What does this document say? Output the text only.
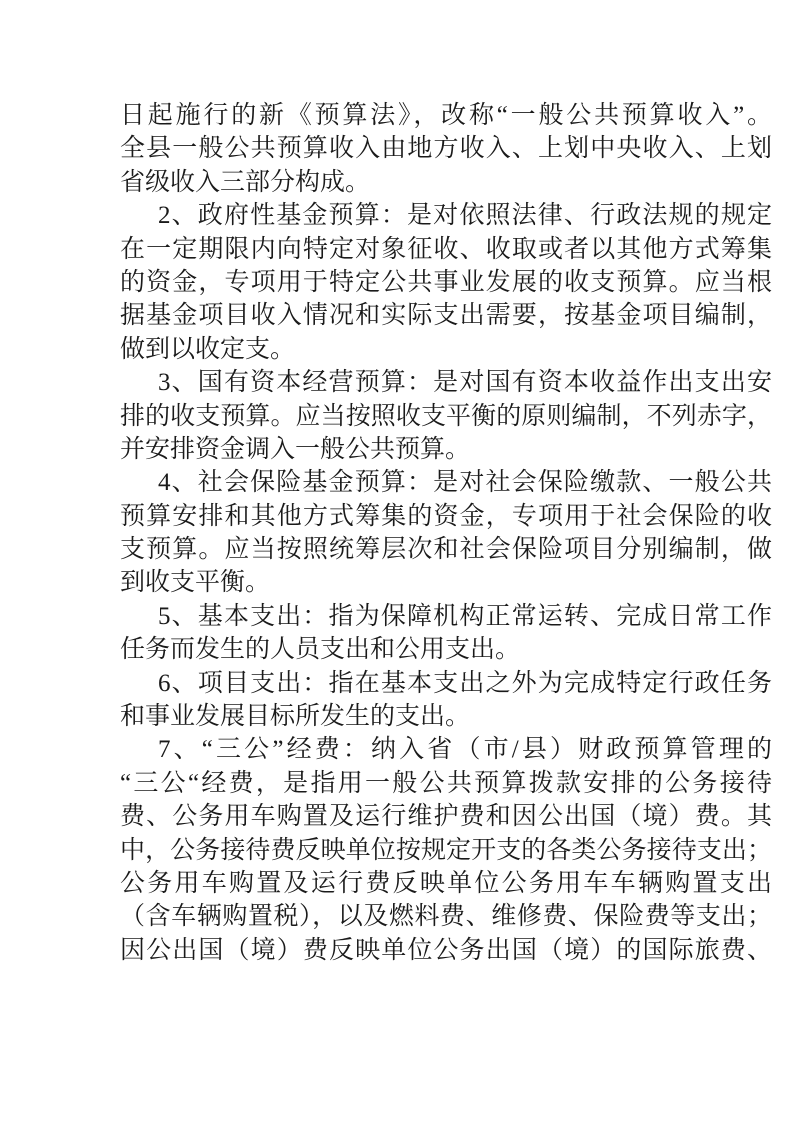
日起施行的新《预算法》，改称“一般公共预算收入”。
全县一般公共预算收入由地方收入、上划中央收入、上划
省级收入三部分构成。
2、政府性基金预算：是对依照法律、行政法规的规定
在一定期限内向特定对象征收、收取或者以其他方式筹集
的资金，专项用于特定公共事业发展的收支预算。应当根
据基金项目收入情况和实际支出需要，按基金项目编制，
做到以收定支。
3、国有资本经营预算：是对国有资本收益作出支出安
排的收支预算。应当按照收支平衡的原则编制，不列赤字，
并安排资金调入一般公共预算。
4、社会保险基金预算：是对社会保险缴款、一般公共
预算安排和其他方式筹集的资金，专项用于社会保险的收
支预算。应当按照统筹层次和社会保险项目分别编制，做
到收支平衡。
5、基本支出：指为保障机构正常运转、完成日常工作
任务而发生的人员支出和公用支出。
6、项目支出：指在基本支出之外为完成特定行政任务
和事业发展目标所发生的支出。
7、“三公”经费：纳入省（市/县）财政预算管理的
“三公“经费，是指用一般公共预算拨款安排的公务接待
费、公务用车购置及运行维护费和因公出国（境）费。其
中，公务接待费反映单位按规定开支的各类公务接待支出；
公务用车购置及运行费反映单位公务用车车辆购置支出
（含车辆购置税），以及燃料费、维修费、保险费等支出；
因公出国（境）费反映单位公务出国（境）的国际旅费、
